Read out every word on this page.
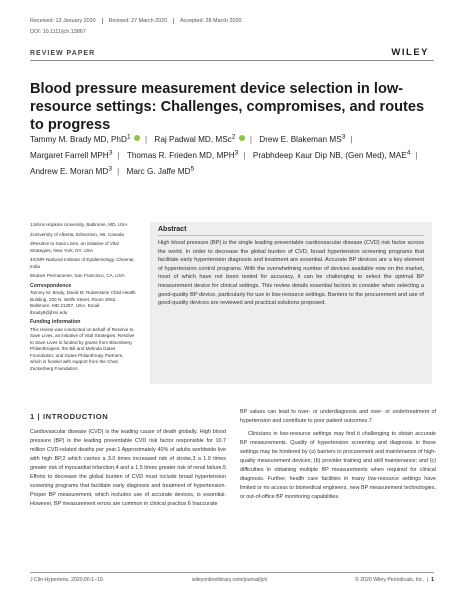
Received: 13 January 2020	Revised: 27 March 2020	Accepted: 28 March 2020
DOI: 10.1111/jch.13867
REVIEW PAPER	WILEY
Blood pressure measurement device selection in low-resource settings: Challenges, compromises, and routes to progress
Tammy M. Brady MD, PhD$^1$ | Raj Padwal MD, MSc$^2$ | Drew E. Blakeman $MS^3$ |
Margaret Farrell MPH$^3$ | Thomas R. Frieden MD, MPH$^3$ | Prabhdeep Kaur Dip NB, (Gen Med), MAE$^4$ | Andrew E. Moran $MD^3$ | Marc G. Jaffe $MD^5$

1Johns Hopkins University, Baltimore, MD, USA

2University of Alberta, Edmonton, AB, Canada

3Resolve to Save Lives, an initiative of Vital Strategies, New York, NY, USA

4ICMR-National Institute of Epidemiology, Chennai, India

5Kaiser Permanente, San Francisco, CA, USA

Correspondence

Tammy M. Brady, David M. Rubenstein Child Health Building, 200 N. Wolfe Street, Room 3062, Baltimore, MD 21287, USA. Email: tbrady8@jhmi.edu

Funding information

This review was conducted on behalf of Resolve to Save Lives, an initiative of Vital Strategies. Resolve to Save Lives is funded by grants from Bloomberg Philanthropies; the Bill and Melinda Gates Foundation; and Gates Philanthropy Partners, which is funded with support from the Chan Zuckerberg Foundation.

Abstract

High blood pressure (BP) is the single leading preventable cardiovascular disease (CVD) risk factor across the world. In order to decrease the global burden of CVD, broad hypertension screening programs that facilitate early hypertension diagnosis and treatment are essential. Accurate BP devices are a key element of hypertension control programs. With the overwhelming number of devices available now on the market, most of which have not been tested for accuracy, it can be challenging to select the optimal BP measurement device for clinical settings. This review details essential factors to consider when selecting a good-quality BP device, particularly for use in low-resource settings. Barriers to the procurement and use of good-quality devices are reviewed and practical solutions proposed.

1 | INTRODUCTION

Cardiovascular disease (CVD) is the leading cause of death globally. High blood pressure (BP) is the leading preventable CVD risk factor responsible for 10.7 million CVD-related deaths per year.1 Approximately 40% of adults worldwide live with high BP,2 which carries a 3.0 times increased risk of stroke,3 a 1.9 times greater risk of myocardial infarction,4 and a 1.5 times greater risk of renal failure.5 Efforts to decrease the global burden of CVD must include broad hypertension screening programs that facilitate early diagnosis and treatment of hypertension. Proper BP measurement, which includes use of accurate devices, is essential. However, BP measurement errors are common in clinical practice.6 Inaccurate

BP values can lead to over- or underdiagnosis and over- or undertreatment of hypertension and contribute to poor patient outcomes.7

Clinicians in low-resource settings may find it challenging to obtain accurate BP measurements. Quality of hypertension screening and diagnosis in these settings may be hindered by (a) barriers to procurement and maintenance of high-quality measurement devices; (b) provider training and skill maintenance; and (c) difficulties in obtaining multiple BP measurements when required for clinical diagnosis. Further, health care facilities in many low-resource settings have limited or no access to biomedical engineers, new BP measurement technologies, or out-of-office BP monitoring capabilities.

J Clin Hypertens. 2020;00:1–10.	wileyonlinelibrary.com/journal/jch	© 2020 Wiley Periodicals, Inc.  |  1
